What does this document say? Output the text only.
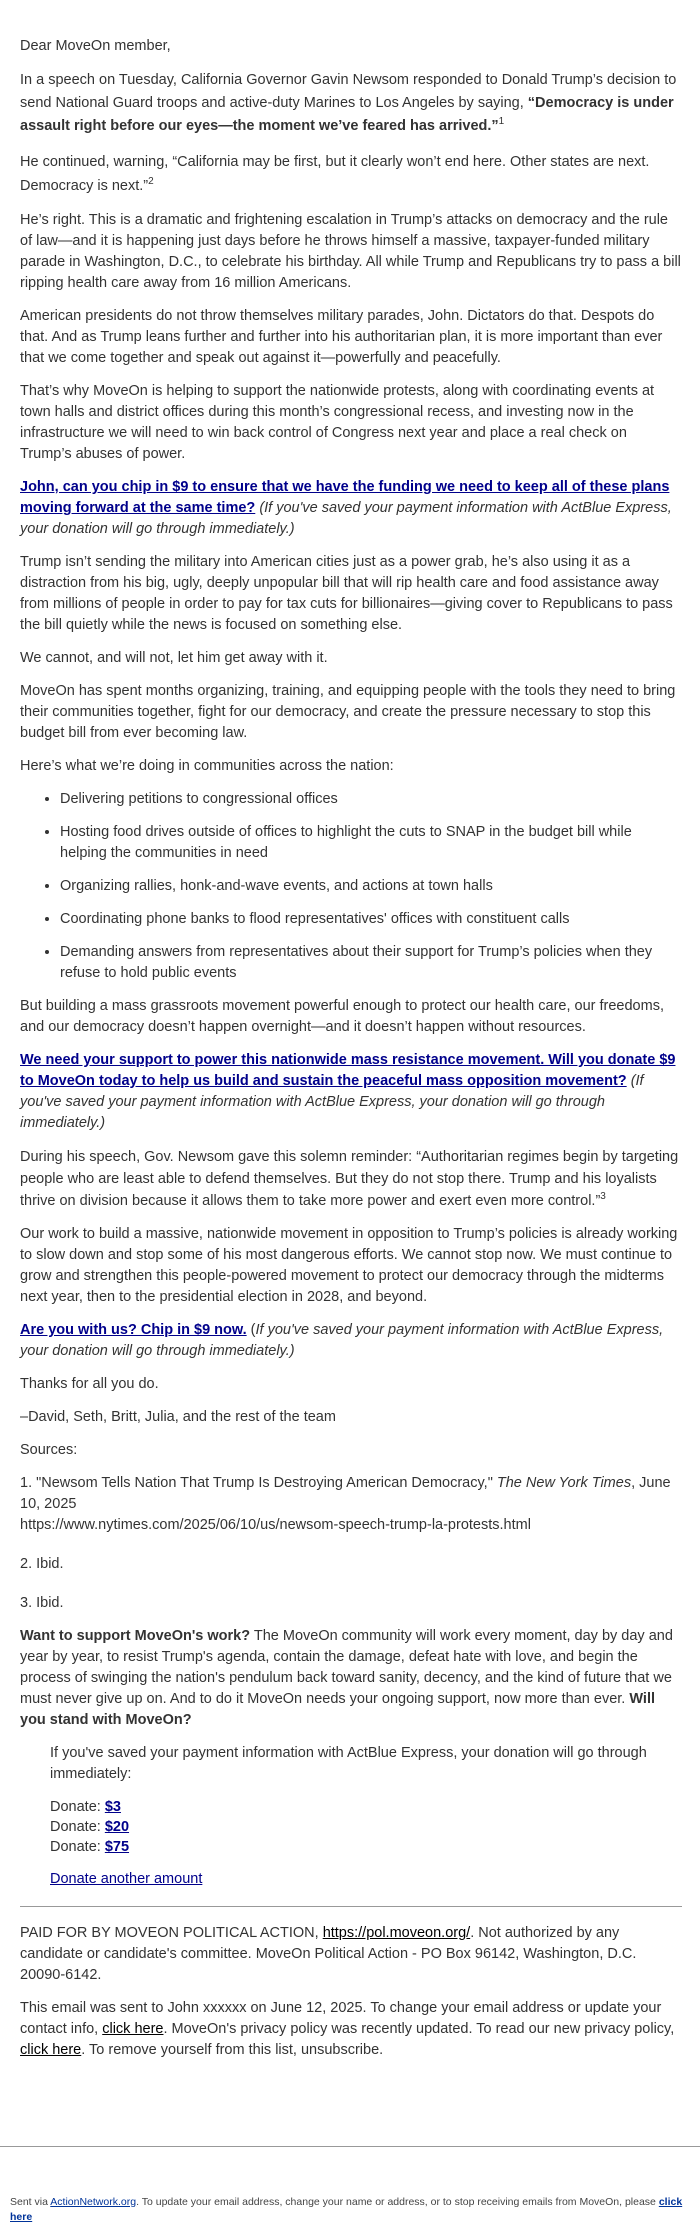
Dear MoveOn member,

In a speech on Tuesday, California Governor Gavin Newsom responded to Donald Trump’s decision to send National Guard troops and active-duty Marines to Los Angeles by saying, “Democracy is under assault right before our eyes—the moment we’ve feared has arrived.”$^1$

He continued, warning, “California may be first, but it clearly won’t end here. Other states are next. Democracy is next.”$^2$

He’s right. This is a dramatic and frightening escalation in Trump’s attacks on democracy and the rule of law—and it is happening just days before he throws himself a massive, taxpayer-funded military parade in Washington, D.C., to celebrate his birthday. All while Trump and Republicans try to pass a bill ripping health care away from 16 million Americans.

American presidents do not throw themselves military parades, John. Dictators do that. Despots do that. And as Trump leans further and further into his authoritarian plan, it is more important than ever that we come together and speak out against it—powerfully and peacefully.

That’s why MoveOn is helping to support the nationwide protests, along with coordinating events at town halls and district offices during this month’s congressional recess, and investing now in the infrastructure we will need to win back control of Congress next year and place a real check on Trump’s abuses of power.

John, can you chip in $9 to ensure that we have the funding we need to keep all of these plans moving forward at the same time? (If you've saved your payment information with ActBlue Express, your donation will go through immediately.)

Trump isn’t sending the military into American cities just as a power grab, he’s also using it as a distraction from his big, ugly, deeply unpopular bill that will rip health care and food assistance away from millions of people in order to pay for tax cuts for billionaires—giving cover to Republicans to pass the bill quietly while the news is focused on something else.

We cannot, and will not, let him get away with it.

MoveOn has spent months organizing, training, and equipping people with the tools they need to bring their communities together, fight for our democracy, and create the pressure necessary to stop this budget bill from ever becoming law.

Here’s what we’re doing in communities across the nation:

• Delivering petitions to congressional offices
• Hosting food drives outside of offices to highlight the cuts to SNAP in the budget bill while helping the communities in need
• Organizing rallies, honk-and-wave events, and actions at town halls
• Coordinating phone banks to flood representatives' offices with constituent calls
• Demanding answers from representatives about their support for Trump’s policies when they refuse to hold public events

But building a mass grassroots movement powerful enough to protect our health care, our freedoms, and our democracy doesn’t happen overnight—and it doesn’t happen without resources.

We need your support to power this nationwide mass resistance movement. Will you donate $9 to MoveOn today to help us build and sustain the peaceful mass opposition movement? (If you've saved your payment information with ActBlue Express, your donation will go through immediately.)

During his speech, Gov. Newsom gave this solemn reminder: “Authoritarian regimes begin by targeting people who are least able to defend themselves. But they do not stop there. Trump and his loyalists thrive on division because it allows them to take more power and exert even more control.”$^3$

Our work to build a massive, nationwide movement in opposition to Trump’s policies is already working to slow down and stop some of his most dangerous efforts. We cannot stop now. We must continue to grow and strengthen this people-powered movement to protect our democracy through the midterms next year, then to the presidential election in 2028, and beyond.

Are you with us? Chip in $9 now. (If you've saved your payment information with ActBlue Express, your donation will go through immediately.)

Thanks for all you do.

–David, Seth, Britt, Julia, and the rest of the team

Sources:

1. "Newsom Tells Nation That Trump Is Destroying American Democracy," The New York Times, June 10, 2025
https://www.nytimes.com/2025/06/10/us/newsom-speech-trump-la-protests.html

2. Ibid.

3. Ibid.

Want to support MoveOn's work? The MoveOn community will work every moment, day by day and year by year, to resist Trump's agenda, contain the damage, defeat hate with love, and begin the process of swinging the nation's pendulum back toward sanity, decency, and the kind of future that we must never give up on. And to do it MoveOn needs your ongoing support, now more than ever. Will you stand with MoveOn?

If you've saved your payment information with ActBlue Express, your donation will go through immediately:

Donate: $3
Donate: $20
Donate: $75
Donate another amount

PAID FOR BY MOVEON POLITICAL ACTION, https://pol.moveon.org/. Not authorized by any candidate or candidate's committee. MoveOn Political Action - PO Box 96142, Washington, D.C. 20090-6142.

This email was sent to John xxxxxx on June 12, 2025. To change your email address or update your contact info, click here. MoveOn's privacy policy was recently updated. To read our new privacy policy, click here. To remove yourself from this list, unsubscribe.

Sent via ActionNetwork.org. To update your email address, change your name or address, or to stop receiving emails from MoveOn, please click here
